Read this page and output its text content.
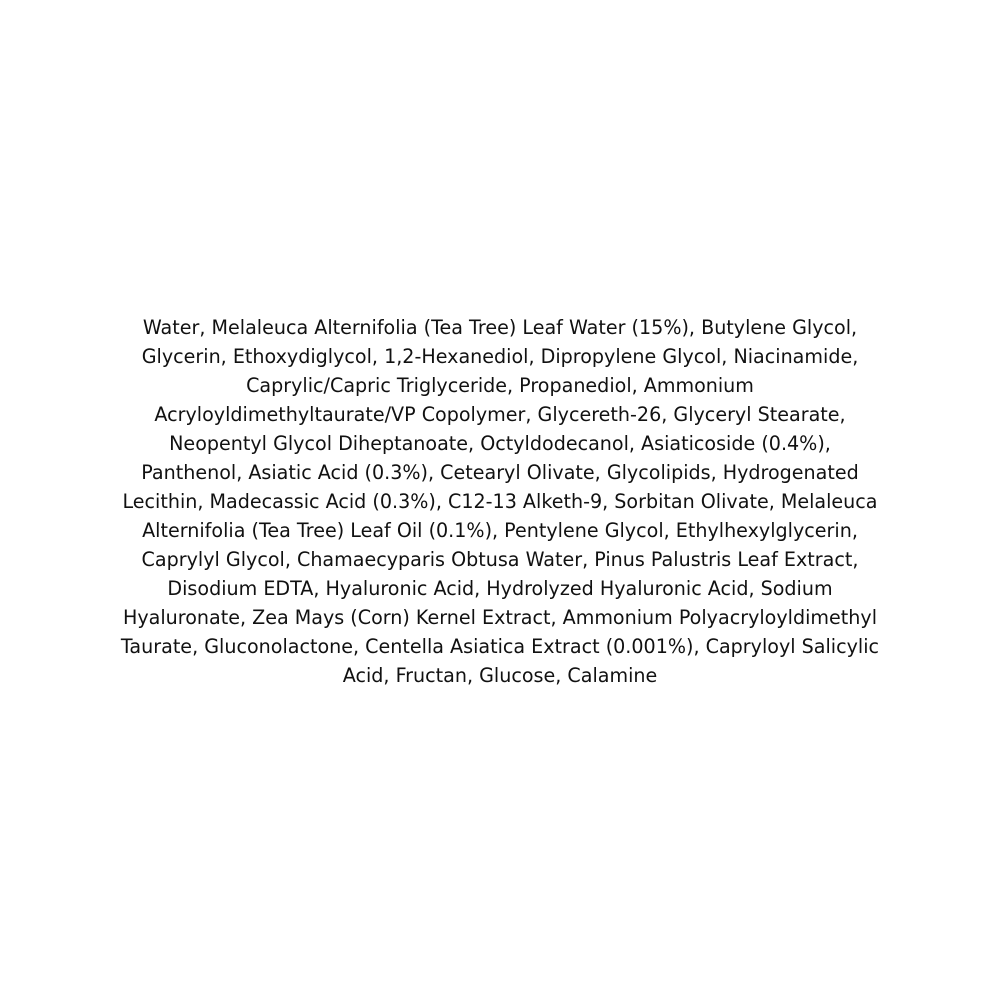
Water, Melaleuca Alternifolia (Tea Tree) Leaf Water (15%), Butylene Glycol,
Glycerin, Ethoxydiglycol, 1,2-Hexanediol, Dipropylene Glycol, Niacinamide,
Caprylic/Capric Triglyceride, Propanediol, Ammonium
Acryloyldimethyltaurate/VP Copolymer, Glycereth-26, Glyceryl Stearate,
Neopentyl Glycol Diheptanoate, Octyldodecanol, Asiaticoside (0.4%),
Panthenol, Asiatic Acid (0.3%), Cetearyl Olivate, Glycolipids, Hydrogenated
Lecithin, Madecassic Acid (0.3%), C12-13 Alketh-9, Sorbitan Olivate, Melaleuca
Alternifolia (Tea Tree) Leaf Oil (0.1%), Pentylene Glycol, Ethylhexylglycerin,
Caprylyl Glycol, Chamaecyparis Obtusa Water, Pinus Palustris Leaf Extract,
Disodium EDTA, Hyaluronic Acid, Hydrolyzed Hyaluronic Acid, Sodium
Hyaluronate, Zea Mays (Corn) Kernel Extract, Ammonium Polyacryloyldimethyl
Taurate, Gluconolactone, Centella Asiatica Extract (0.001%), Capryloyl Salicylic
Acid, Fructan, Glucose, Calamine
